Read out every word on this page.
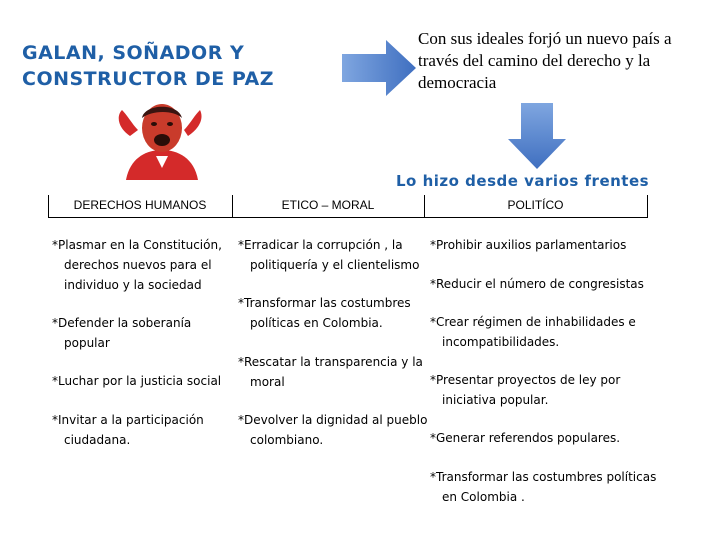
GALAN, SOÑADOR Y
CONSTRUCTOR DE PAZ

Con sus ideales forjó un nuevo país a través del camino del derecho y la democracia

Lo hizo desde varios frentes

DERECHOS HUMANOS	ETICO – MORAL	POLITÍCO

*Plasmar en la Constitución, derechos nuevos para el individuo y la sociedad

*Defender la soberanía popular

*Luchar por la justicia social

*Invitar a la participación ciudadana.

*Erradicar la corrupción , la politiquería y el clientelismo

*Transformar las costumbres políticas en Colombia.

*Rescatar la transparencia y la moral

*Devolver la dignidad al pueblo colombiano.

*Prohibir auxilios parlamentarios

*Reducir el número de congresistas

*Crear régimen de inhabilidades e incompatibilidades.

*Presentar proyectos de ley por iniciativa popular.

*Generar referendos populares.

*Transformar las costumbres políticas en Colombia .
